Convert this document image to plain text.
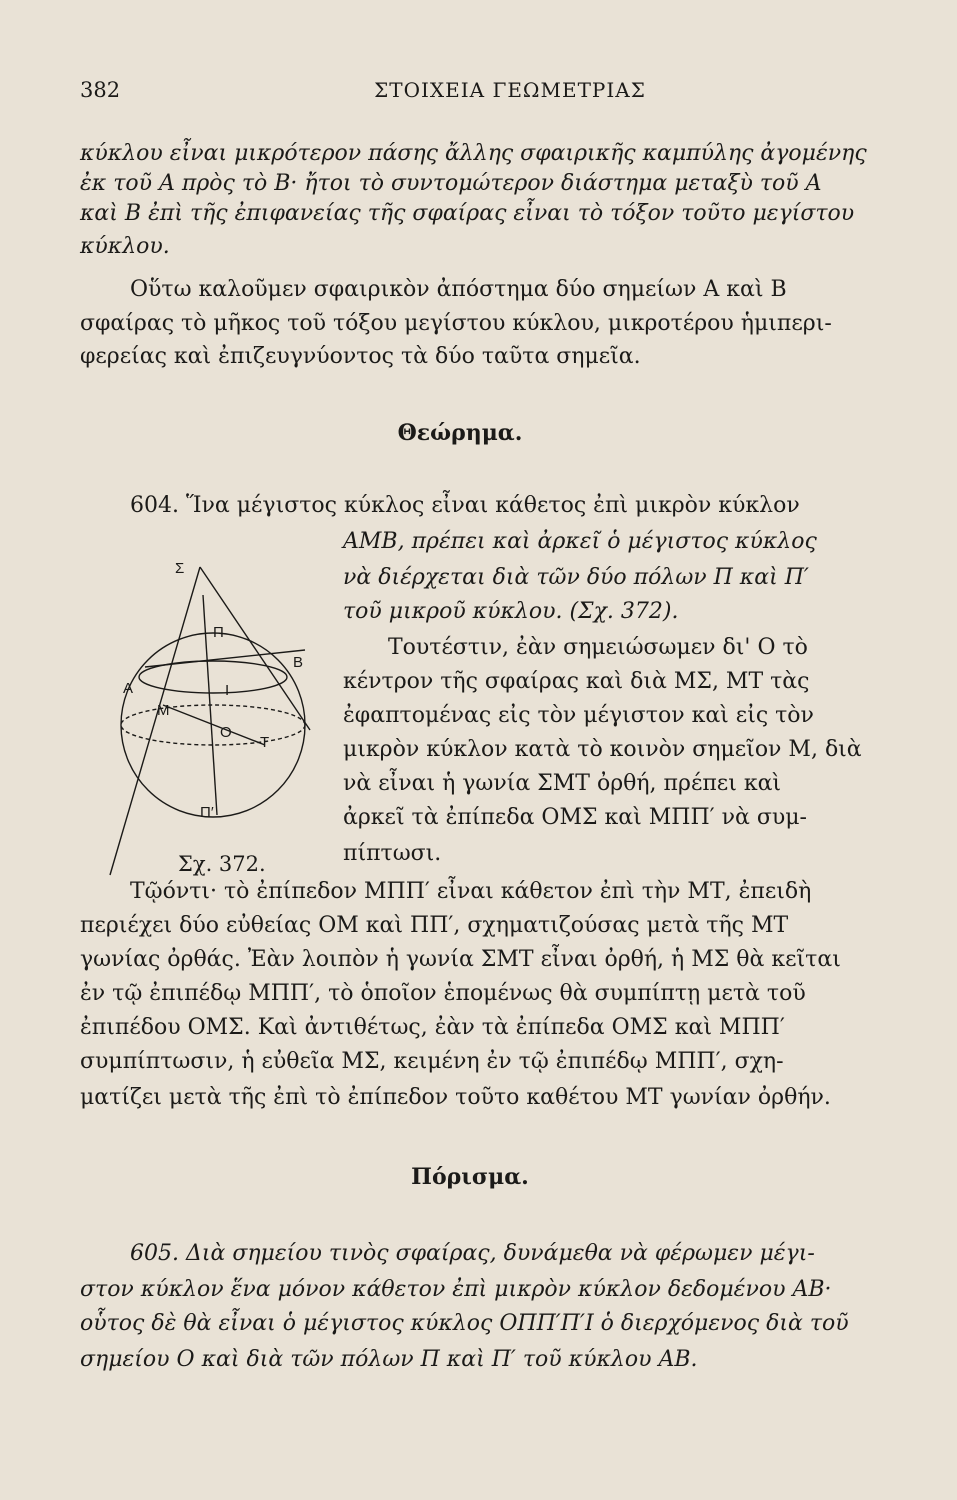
382	ΣΤΟΙΧΕΙΑ ΓΕΩΜΕΤΡΙΑΣ
κύκλου εἶναι μικρότερον πάσης ἄλλης σφαιρικῆς καμπύλης ἀγομένης
ἐκ τοῦ Α πρὸς τὸ Β· ἤτοι τὸ συντομώτερον διάστημα μεταξὺ τοῦ Α
καὶ Β ἐπὶ τῆς ἐπιφανείας τῆς σφαίρας εἶναι τὸ τόξον τοῦτο μεγίστου
κύκλου.
Οὕτω καλοῦμεν σφαιρικὸν ἀπόστημα δύο σημείων Α καὶ Β
σφαίρας τὸ μῆκος τοῦ τόξου μεγίστου κύκλου, μικροτέρου ἡμιπερι-
φερείας καὶ ἐπιζευγνύοντος τὰ δύο ταῦτα σημεῖα.
Θεώρημα.
604. Ἵνα μέγιστος κύκλος εἶναι κάθετος ἐπὶ μικρὸν κύκλον
ΑΜΒ, πρέπει καὶ ἀρκεῖ ὁ μέγιστος κύκλος
νὰ διέρχεται διὰ τῶν δύο πόλων Π καὶ Π′
τοῦ μικροῦ κύκλου. (Σχ. 372).
Τουτέστιν, ἐὰν σημειώσωμεν δι' Ο τὸ
κέντρον τῆς σφαίρας καὶ διὰ ΜΣ, ΜΤ τὰς
ἐφαπτομένας εἰς τὸν μέγιστον καὶ εἰς τὸν
μικρὸν κύκλον κατὰ τὸ κοινὸν σημεῖον Μ, διὰ
νὰ εἶναι ἡ γωνία ΣΜΤ ὀρθή, πρέπει καὶ
ἀρκεῖ τὰ ἐπίπεδα ΟΜΣ καὶ ΜΠΠ′ νὰ συμ-
πίπτωσι.
Σ
Π
Β
Α
Μ
Ι
Ο
Τ
Π′
Σχ. 372.
Τῷόντι· τὸ ἐπίπεδον ΜΠΠ′ εἶναι κάθετον ἐπὶ τὴν ΜΤ, ἐπειδὴ
περιέχει δύο εὐθείας ΟΜ καὶ ΠΠ′, σχηματιζούσας μετὰ τῆς ΜΤ
γωνίας ὀρθάς. Ἐὰν λοιπὸν ἡ γωνία ΣΜΤ εἶναι ὀρθή, ἡ ΜΣ θὰ κεῖται
ἐν τῷ ἐπιπέδῳ ΜΠΠ′, τὸ ὁποῖον ἑπομένως θὰ συμπίπτῃ μετὰ τοῦ
ἐπιπέδου ΟΜΣ. Καὶ ἀντιθέτως, ἐὰν τὰ ἐπίπεδα ΟΜΣ καὶ ΜΠΠ′
συμπίπτωσιν, ἡ εὐθεῖα ΜΣ, κειμένη ἐν τῷ ἐπιπέδῳ ΜΠΠ′, σχη-
ματίζει μετὰ τῆς ἐπὶ τὸ ἐπίπεδον τοῦτο καθέτου ΜΤ γωνίαν ὀρθήν.
Πόρισμα.
605. Διὰ σημείου τινὸς σφαίρας, δυνάμεθα νὰ φέρωμεν μέγι-
στον κύκλον ἕνα μόνον κάθετον ἐπὶ μικρὸν κύκλον δεδομένου ΑΒ·
οὗτος δὲ θὰ εἶναι ὁ μέγιστος κύκλος ΟΠΠ′Π′Ι ὁ διερχόμενος διὰ τοῦ
σημείου Ο καὶ διὰ τῶν πόλων Π καὶ Π′ τοῦ κύκλου ΑΒ.
